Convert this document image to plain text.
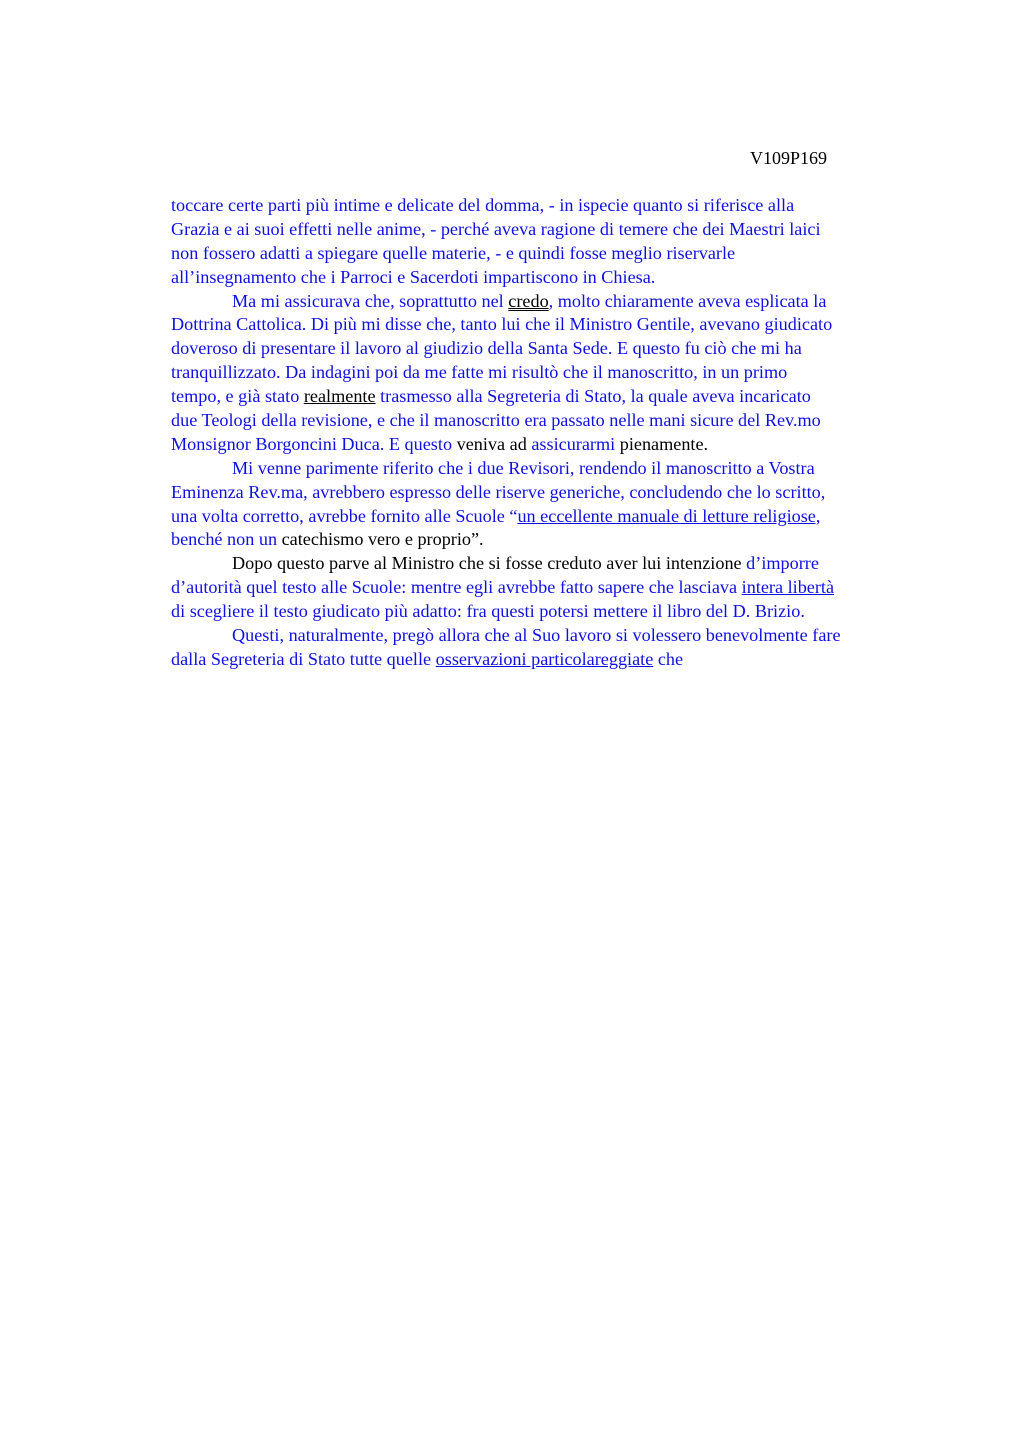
V109P169
toccare certe parti più intime e delicate del domma, - in ispecie quanto si riferisce alla
Grazia e ai suoi effetti nelle anime, - perché aveva ragione di temere che dei Maestri laici
non fossero adatti a spiegare quelle materie, - e quindi fosse meglio riservarle
all’insegnamento che i Parroci e Sacerdoti impartiscono in Chiesa.
Ma mi assicurava che, soprattutto nel credo, molto chiaramente aveva esplicata la
Dottrina Cattolica. Di più mi disse che, tanto lui che il Ministro Gentile, avevano giudicato
doveroso di presentare il lavoro al giudizio della Santa Sede. E questo fu ciò che mi ha
tranquillizzato. Da indagini poi da me fatte mi risultò che il manoscritto, in un primo
tempo, e già stato realmente trasmesso alla Segreteria di Stato, la quale aveva incaricato
due Teologi della revisione, e che il manoscritto era passato nelle mani sicure del Rev.mo
Monsignor Borgoncini Duca. E questo veniva ad assicurarmi pienamente.
Mi venne parimente riferito che i due Revisori, rendendo il manoscritto a Vostra
Eminenza Rev.ma, avrebbero espresso delle riserve generiche, concludendo che lo scritto,
una volta corretto, avrebbe fornito alle Scuole “un eccellente manuale di letture religiose,
benché non un catechismo vero e proprio”.
Dopo questo parve al Ministro che si fosse creduto aver lui intenzione d’imporre
d’autorità quel testo alle Scuole: mentre egli avrebbe fatto sapere che lasciava intera libertà
di scegliere il testo giudicato più adatto: fra questi potersi mettere il libro del D. Brizio.
Questi, naturalmente, pregò allora che al Suo lavoro si volessero benevolmente fare
dalla Segreteria di Stato tutte quelle osservazioni particolareggiate che
